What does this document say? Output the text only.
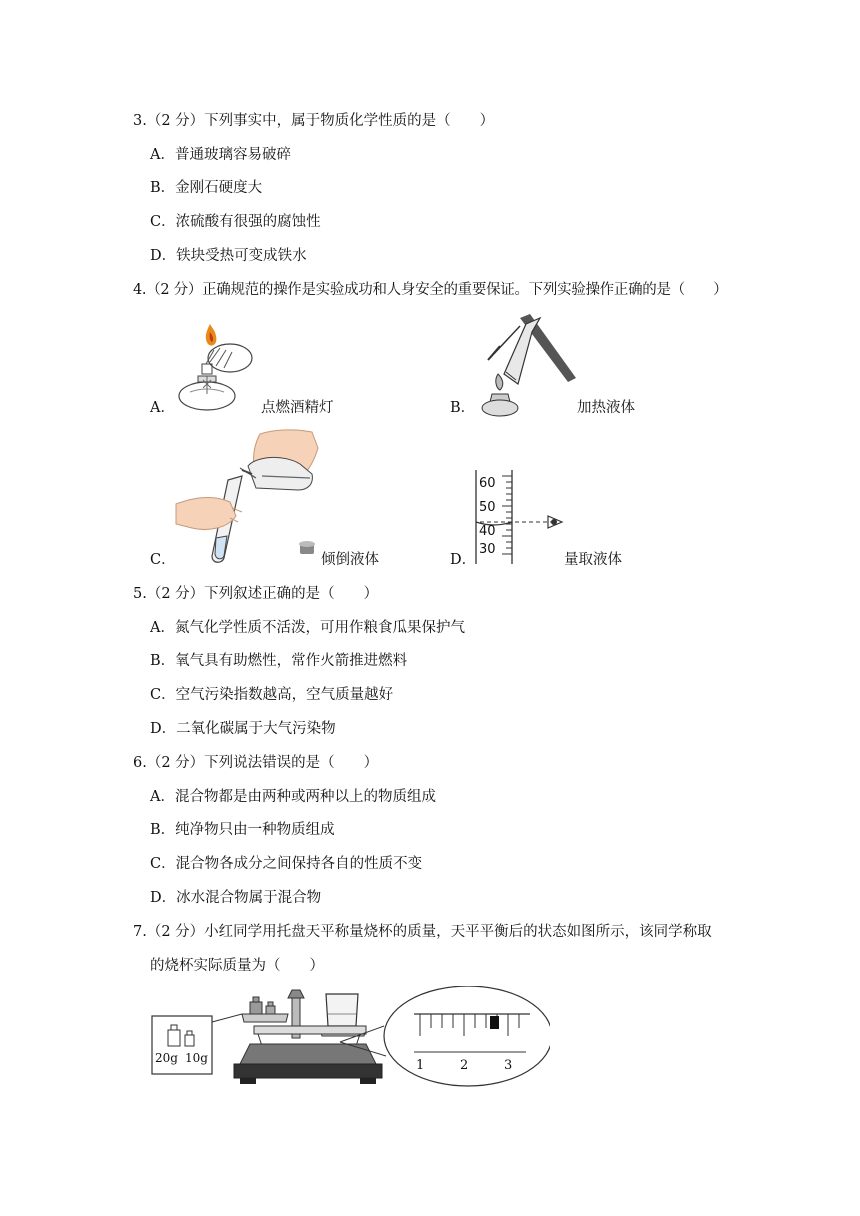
3.（2 分）下列事实中，属于物质化学性质的是（　　）
A．普通玻璃容易破碎
B．金刚石硬度大
C．浓硫酸有很强的腐蚀性
D．铁块受热可变成铁水
4.（2 分）正确规范的操作是实验成功和人身安全的重要保证。下列实验操作正确的是（　　）
A．	点燃酒精灯	B．	加热液体
C．	倾倒液体
60
50
40
30
D．	量取液体
5.（2 分）下列叙述正确的是（　　）
A．氮气化学性质不活泼，可用作粮食瓜果保护气
B．氧气具有助燃性，常作火箭推进燃料
C．空气污染指数越高，空气质量越好
D．二氧化碳属于大气污染物
6.（2 分）下列说法错误的是（　　）
A．混合物都是由两种或两种以上的物质组成
B．纯净物只由一种物质组成
C．混合物各成分之间保持各自的性质不变
D．冰水混合物属于混合物
7.（2 分）小红同学用托盘天平称量烧杯的质量，天平平衡后的状态如图所示，该同学称取
的烧杯实际质量为（　　）
20g 10g	1	2	3
